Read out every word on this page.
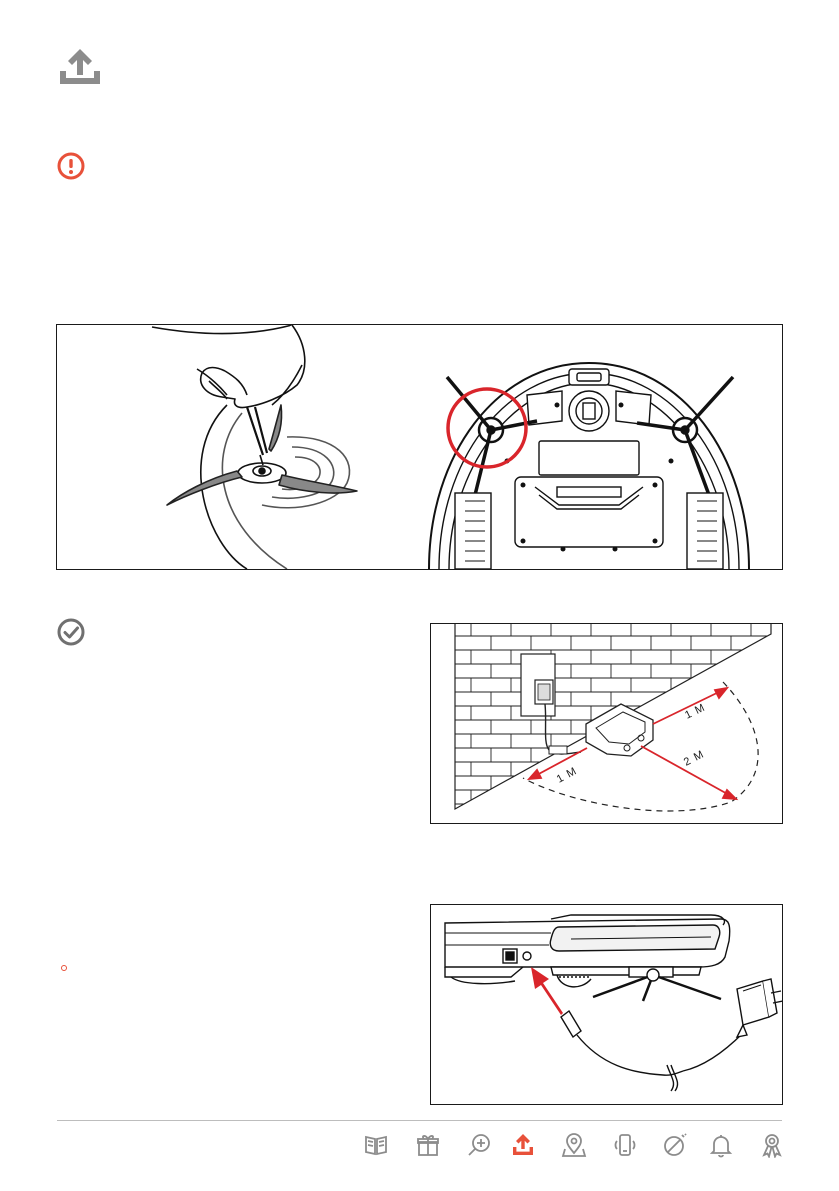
1 M
1 M
2 M
